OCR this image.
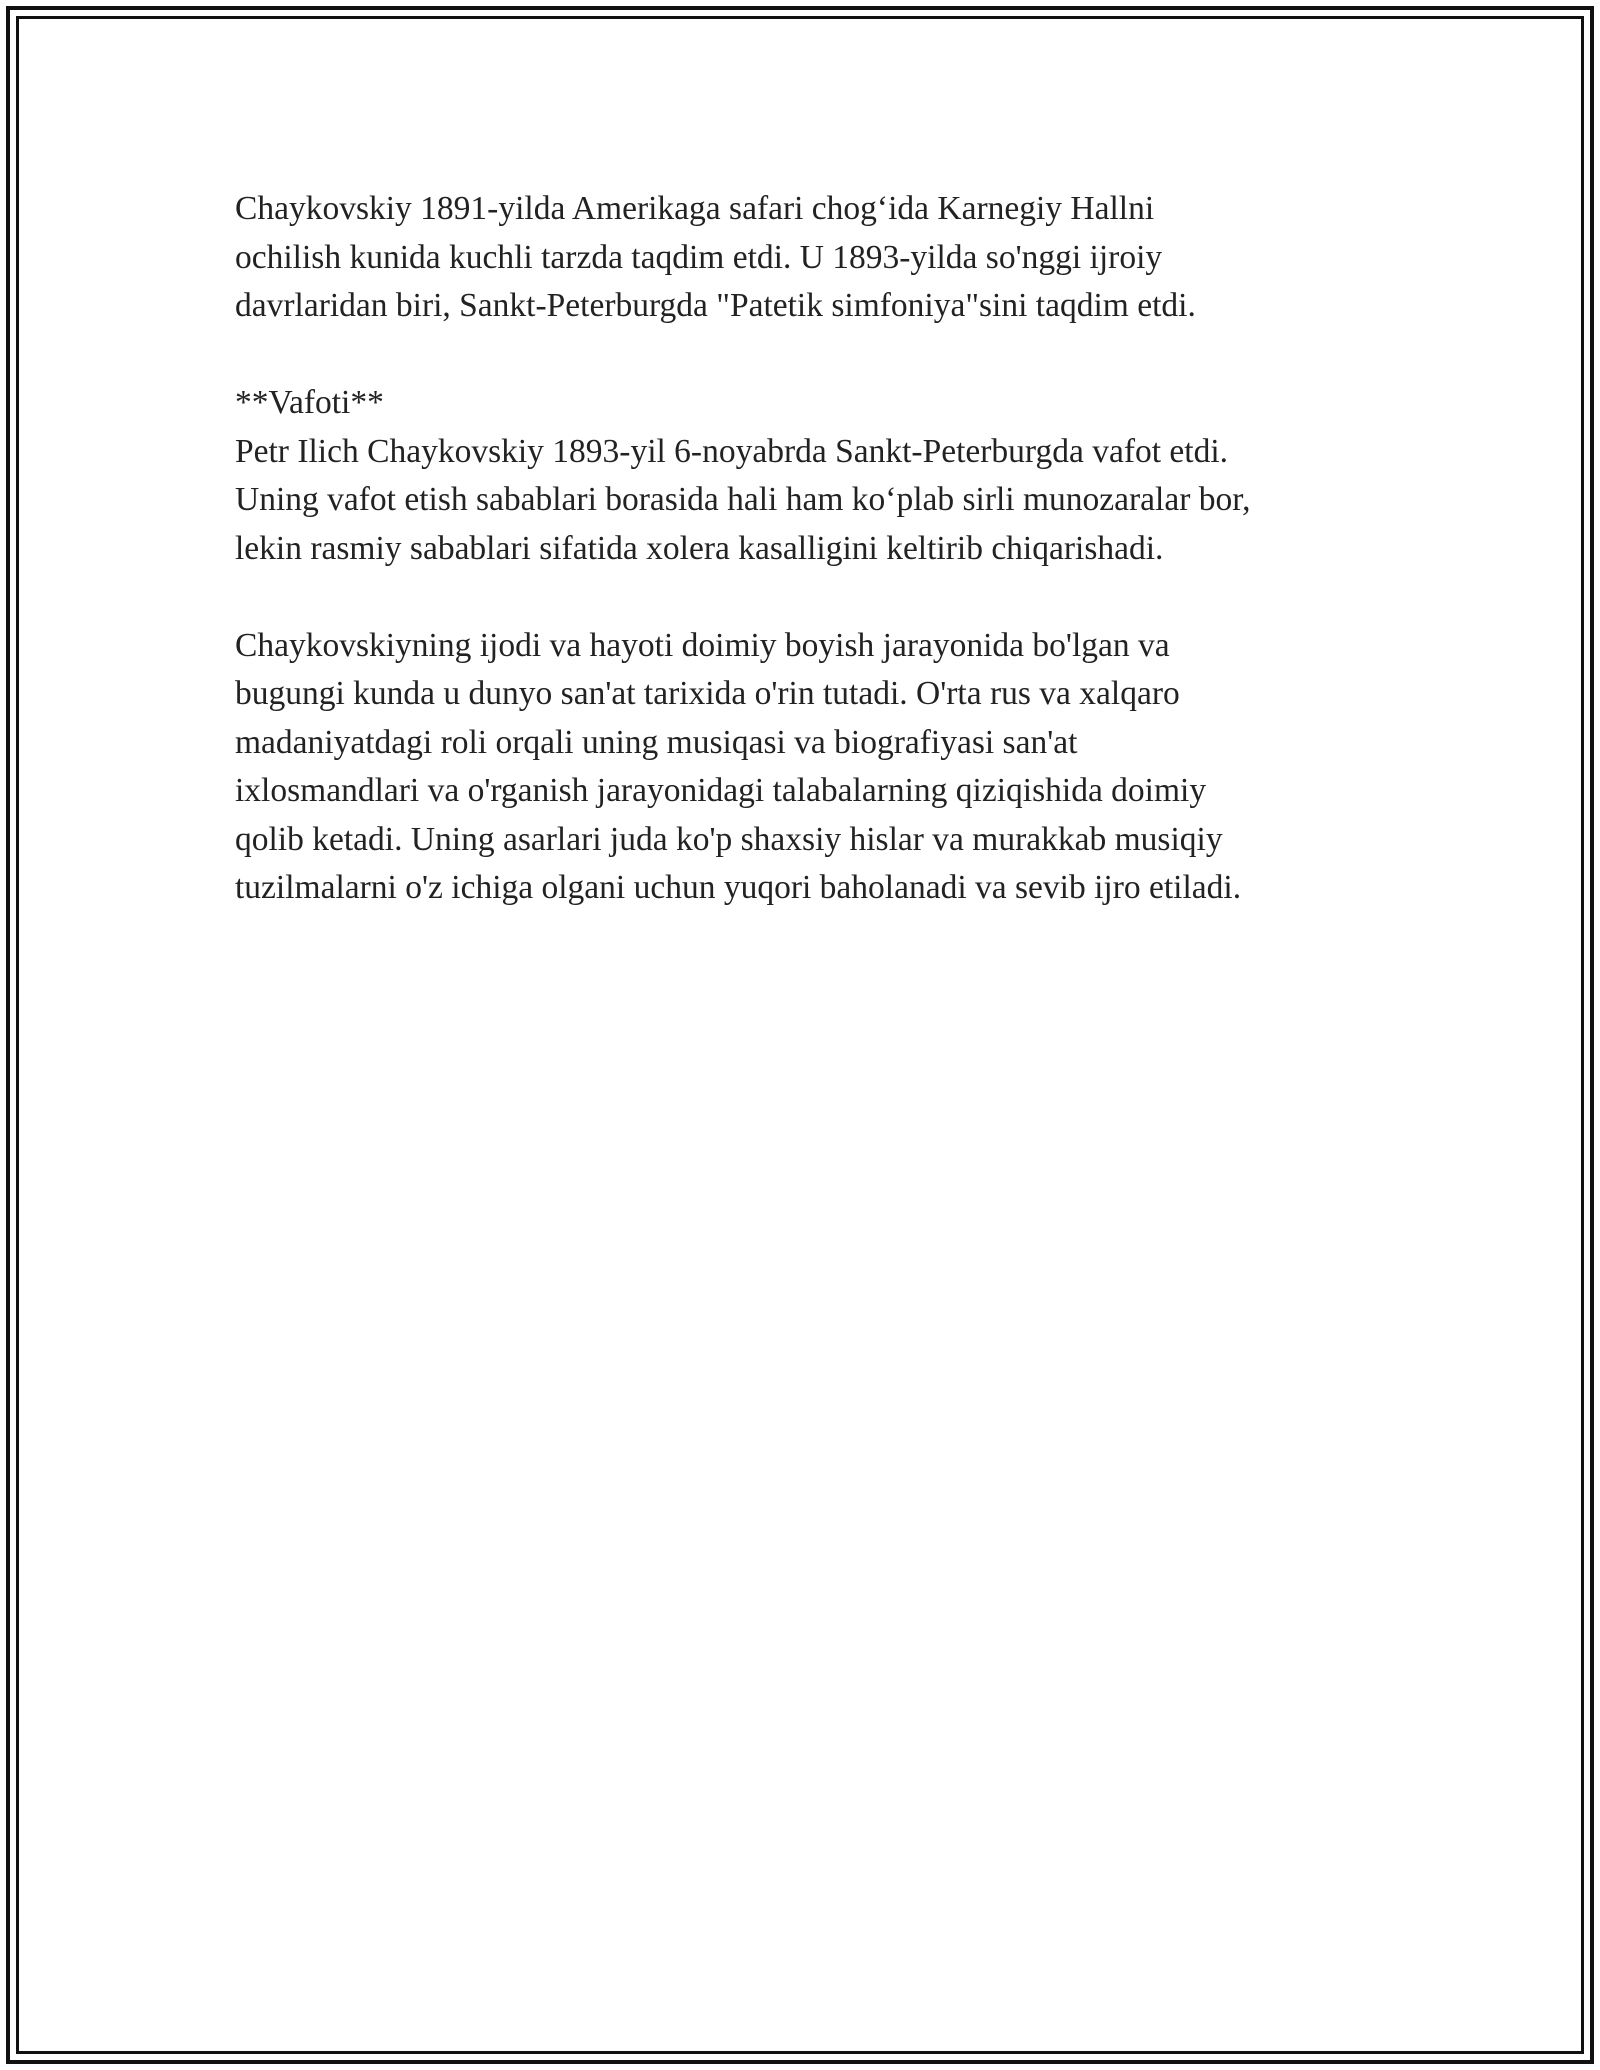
Chaykovskiy 1891-yilda Amerikaga safari chog‘ida Karnegiy Hallni
ochilish kunida kuchli tarzda taqdim etdi. U 1893-yilda so'nggi ijroiy
davrlaridan biri, Sankt-Peterburgda "Patetik simfoniya"sini taqdim etdi.

**Vafoti**

Petr Ilich Chaykovskiy 1893-yil 6-noyabrda Sankt-Peterburgda vafot etdi.
Uning vafot etish sabablari borasida hali ham ko‘plab sirli munozaralar bor,
lekin rasmiy sabablari sifatida xolera kasalligini keltirib chiqarishadi.

Chaykovskiyning ijodi va hayoti doimiy boyish jarayonida bo'lgan va
bugungi kunda u dunyo san'at tarixida o'rin tutadi. O'rta rus va xalqaro
madaniyatdagi roli orqali uning musiqasi va biografiyasi san'at
ixlosmandlari va o'rganish jarayonidagi talabalarning qiziqishida doimiy
qolib ketadi. Uning asarlari juda ko'p shaxsiy hislar va murakkab musiqiy
tuzilmalarni o'z ichiga olgani uchun yuqori baholanadi va sevib ijro etiladi.
